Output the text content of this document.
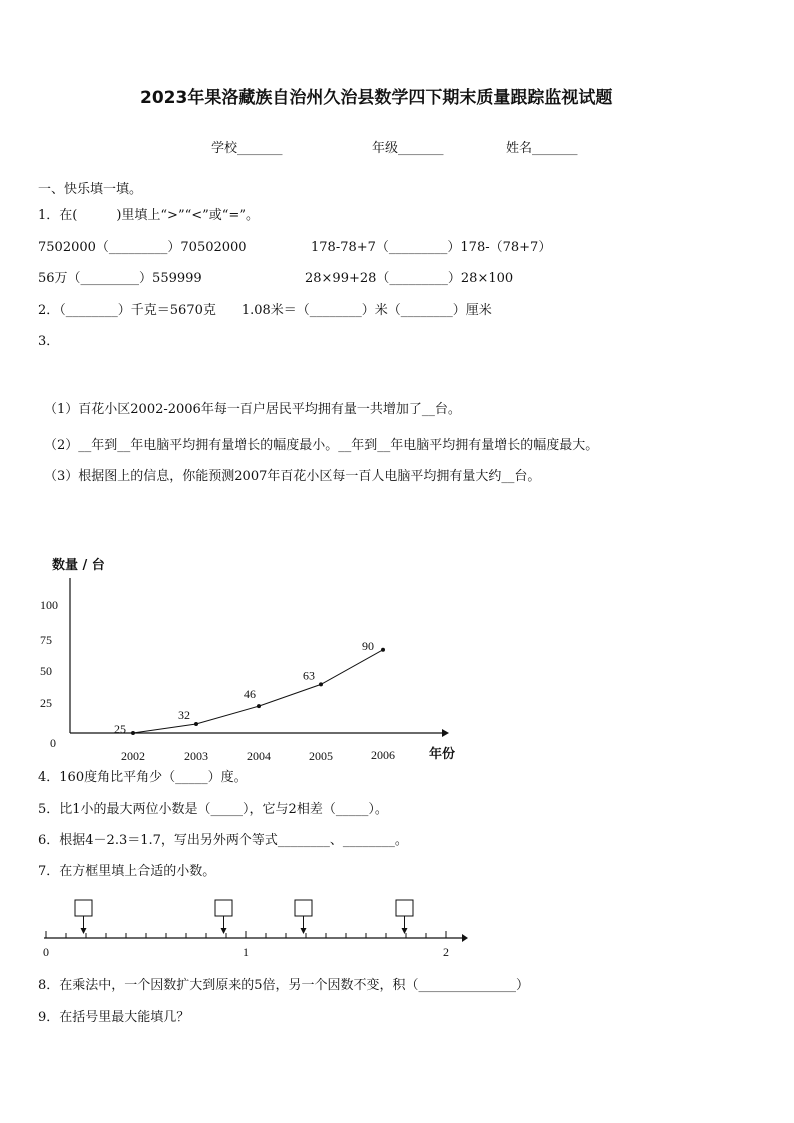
2023年果洛藏族自治州久治县数学四下期末质量跟踪监视试题
学校_______	年级_______	姓名_______
一、快乐填一填。
1．在(　　　)里填上“>”“<”或“=”。
7502000（_________）70502000	178-78+7（_________）178-（78+7）
56万（_________）559999	28×99+28（_________）28×100
2．（________）千克＝5670克　　1.08米＝（________）米（________）厘米
3．
（1）百花小区2002-2006年每一百户居民平均拥有量一共增加了__台。
（2）__年到__年电脑平均拥有量增长的幅度最小。__年到__年电脑平均拥有量增长的幅度最大。
（3）根据图上的信息，你能预测2007年百花小区每一百人电脑平均拥有量大约__台。
数量 / 台
年份
100
75
50
25
0
2002	2003	2004	2005	2006
25
32
46
63
90
4．160度角比平角少（_____）度。
5．比1小的最大两位小数是（_____），它与2相差（_____）。
6．根据4－2.3＝1.7，写出另外两个等式________、________。
7．在方框里填上合适的小数。
0	1	2
8．在乘法中，一个因数扩大到原来的5倍，另一个因数不变，积（_______________）
9．在括号里最大能填几？
